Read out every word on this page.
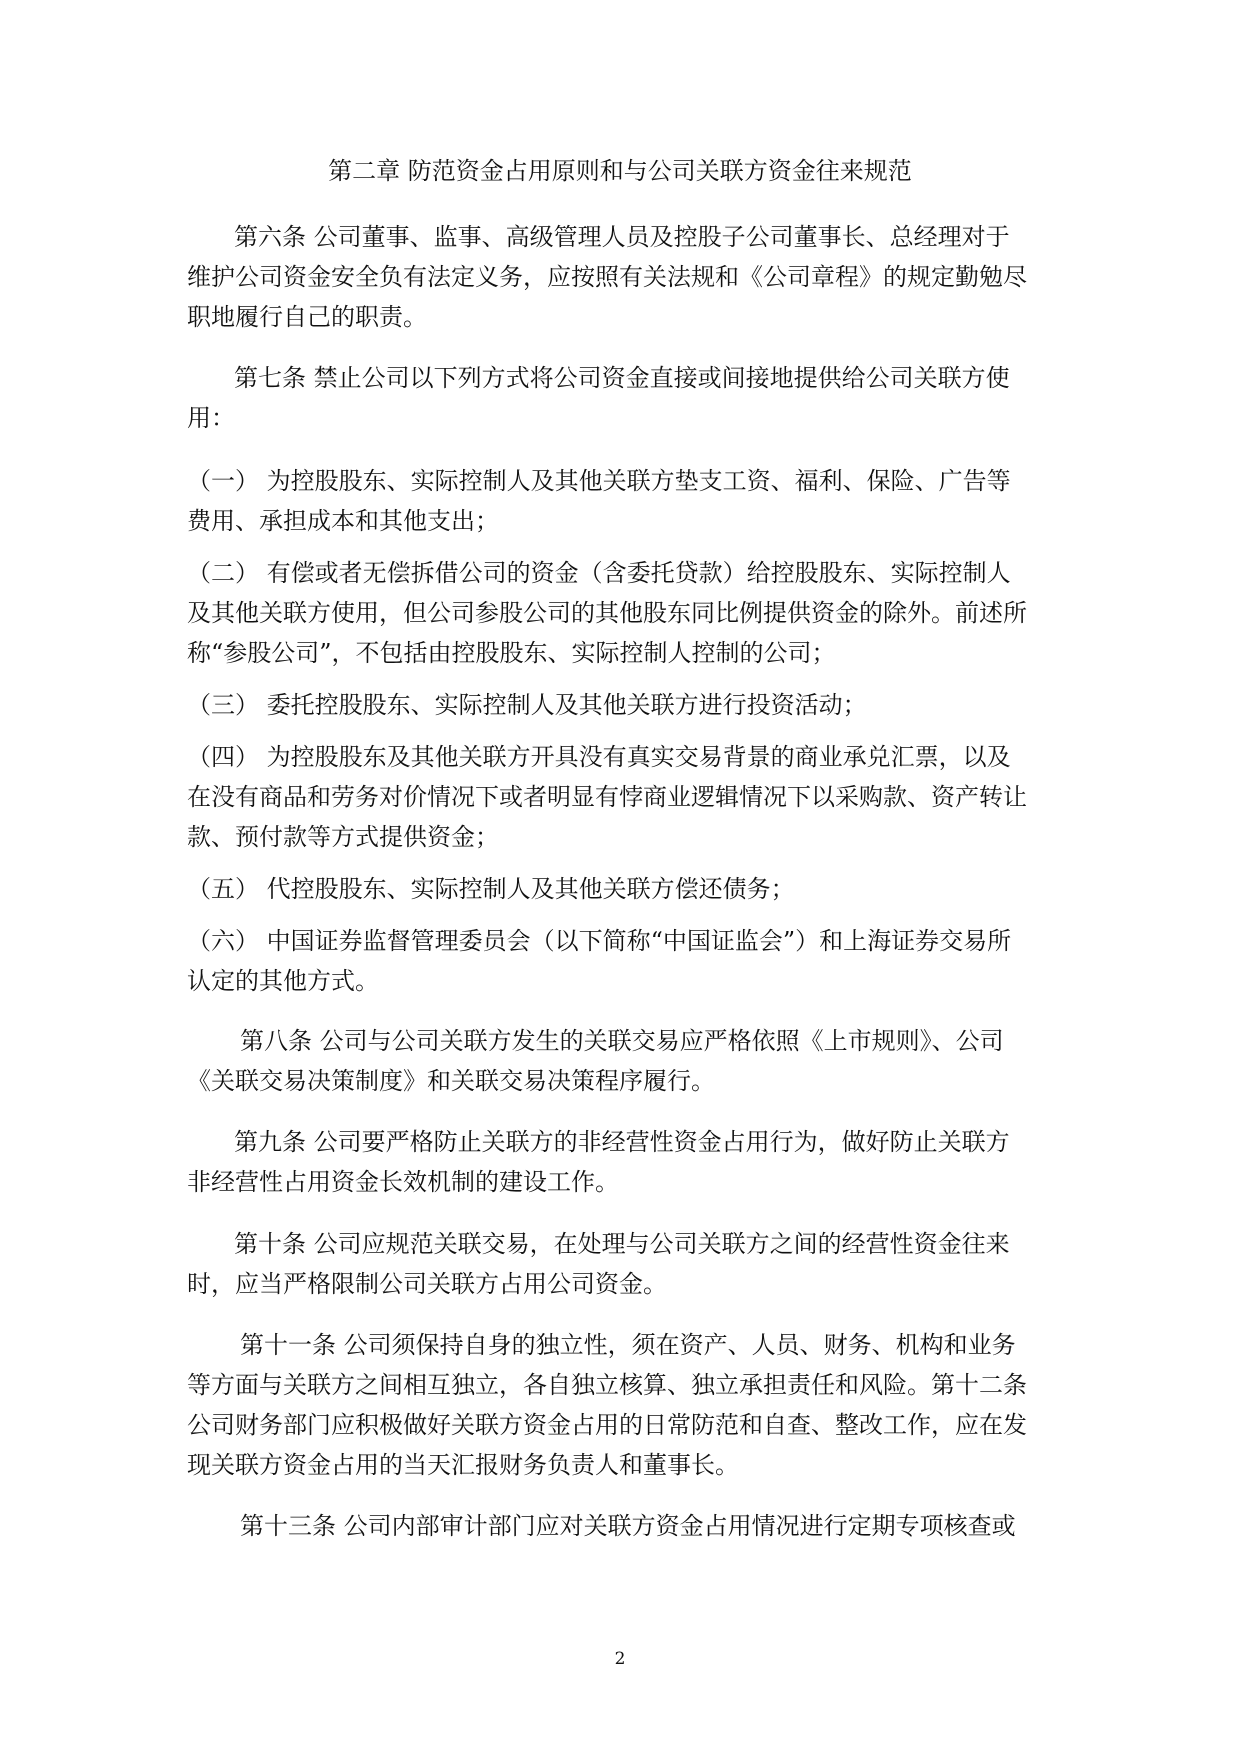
第二章 防范资金占用原则和与公司关联方资金往来规范
第六条 公司董事、监事、高级管理人员及控股子公司董事长、总经理对于
维护公司资金安全负有法定义务，应按照有关法规和《公司章程》的规定勤勉尽
职地履行自己的职责。
第七条 禁止公司以下列方式将公司资金直接或间接地提供给公司关联方使
用：
（一） 为控股股东、实际控制人及其他关联方垫支工资、福利、保险、广告等
费用、承担成本和其他支出；
（二） 有偿或者无偿拆借公司的资金（含委托贷款）给控股股东、实际控制人
及其他关联方使用，但公司参股公司的其他股东同比例提供资金的除外。前述所
称“参股公司”，不包括由控股股东、实际控制人控制的公司；
（三） 委托控股股东、实际控制人及其他关联方进行投资活动；
（四） 为控股股东及其他关联方开具没有真实交易背景的商业承兑汇票，以及
在没有商品和劳务对价情况下或者明显有悖商业逻辑情况下以采购款、资产转让
款、预付款等方式提供资金；
（五） 代控股股东、实际控制人及其他关联方偿还债务；
（六） 中国证券监督管理委员会（以下简称“中国证监会”）和上海证券交易所
认定的其他方式。
第八条 公司与公司关联方发生的关联交易应严格依照《上市规则》、公司
《关联交易决策制度》和关联交易决策程序履行。
第九条 公司要严格防止关联方的非经营性资金占用行为，做好防止关联方
非经营性占用资金长效机制的建设工作。
第十条 公司应规范关联交易，在处理与公司关联方之间的经营性资金往来
时，应当严格限制公司关联方占用公司资金。
第十一条 公司须保持自身的独立性，须在资产、人员、财务、机构和业务
等方面与关联方之间相互独立，各自独立核算、独立承担责任和风险。第十二条
公司财务部门应积极做好关联方资金占用的日常防范和自查、整改工作，应在发
现关联方资金占用的当天汇报财务负责人和董事长。
第十三条 公司内部审计部门应对关联方资金占用情况进行定期专项核查或
2
